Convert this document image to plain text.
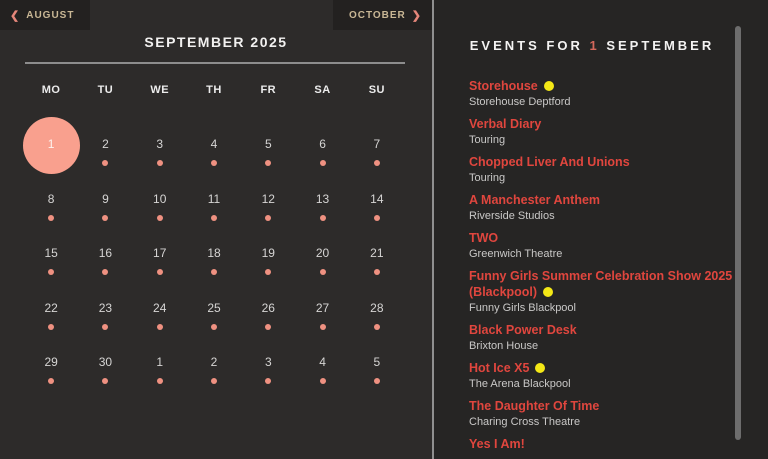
❮ AUGUST	OCTOBER ❯
SEPTEMBER 2025
MO	TU	WE	TH	FR	SA	SU
1	2	3	4	5	6	7
8	9	10	11	12	13	14
15	16	17	18	19	20	21
22	23	24	25	26	27	28
29	30	1	2	3	4	5
EVENTS FOR 1 SEPTEMBER
Storehouse
Storehouse Deptford
Verbal Diary
Touring
Chopped Liver And Unions
Touring
A Manchester Anthem
Riverside Studios
TWO
Greenwich Theatre
Funny Girls Summer Celebration Show 2025 (Blackpool)
Funny Girls Blackpool
Black Power Desk
Brixton House
Hot Ice X5
The Arena Blackpool
The Daughter Of Time
Charing Cross Theatre
Yes I Am!
